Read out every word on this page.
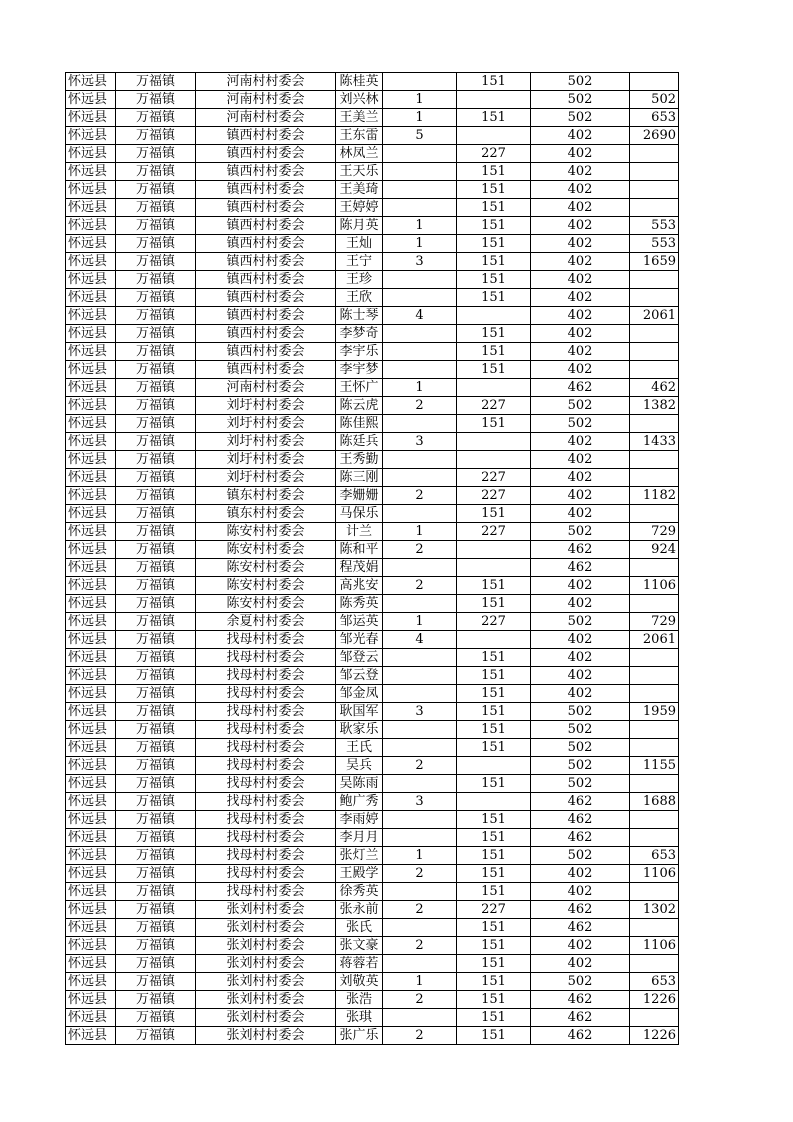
怀远县	万福镇	河南村村委会	陈桂英		151	502	
怀远县	万福镇	河南村村委会	刘兴林	1		502	502
怀远县	万福镇	河南村村委会	王美兰	1	151	502	653
怀远县	万福镇	镇西村村委会	王东雷	5		402	2690
怀远县	万福镇	镇西村村委会	林凤兰		227	402	
怀远县	万福镇	镇西村村委会	王天乐		151	402	
怀远县	万福镇	镇西村村委会	王美琦		151	402	
怀远县	万福镇	镇西村村委会	王婷婷		151	402	
怀远县	万福镇	镇西村村委会	陈月英	1	151	402	553
怀远县	万福镇	镇西村村委会	王灿	1	151	402	553
怀远县	万福镇	镇西村村委会	王宁	3	151	402	1659
怀远县	万福镇	镇西村村委会	王珍		151	402	
怀远县	万福镇	镇西村村委会	王欣		151	402	
怀远县	万福镇	镇西村村委会	陈士琴	4		402	2061
怀远县	万福镇	镇西村村委会	李梦奇		151	402	
怀远县	万福镇	镇西村村委会	李宇乐		151	402	
怀远县	万福镇	镇西村村委会	李宇梦		151	402	
怀远县	万福镇	河南村村委会	王怀广	1		462	462
怀远县	万福镇	刘圩村村委会	陈云虎	2	227	502	1382
怀远县	万福镇	刘圩村村委会	陈佳熙		151	502	
怀远县	万福镇	刘圩村村委会	陈廷兵	3		402	1433
怀远县	万福镇	刘圩村村委会	王秀勤			402	
怀远县	万福镇	刘圩村村委会	陈三刚		227	402	
怀远县	万福镇	镇东村村委会	李姗姗	2	227	402	1182
怀远县	万福镇	镇东村村委会	马保乐		151	402	
怀远县	万福镇	陈安村村委会	计兰	1	227	502	729
怀远县	万福镇	陈安村村委会	陈和平	2		462	924
怀远县	万福镇	陈安村村委会	程茂娟			462	
怀远县	万福镇	陈安村村委会	高兆安	2	151	402	1106
怀远县	万福镇	陈安村村委会	陈秀英		151	402	
怀远县	万福镇	余夏村村委会	邹运英	1	227	502	729
怀远县	万福镇	找母村村委会	邹光春	4		402	2061
怀远县	万福镇	找母村村委会	邹登云		151	402	
怀远县	万福镇	找母村村委会	邹云登		151	402	
怀远县	万福镇	找母村村委会	邹金凤		151	402	
怀远县	万福镇	找母村村委会	耿国军	3	151	502	1959
怀远县	万福镇	找母村村委会	耿家乐		151	502	
怀远县	万福镇	找母村村委会	王氏		151	502	
怀远县	万福镇	找母村村委会	吴兵	2		502	1155
怀远县	万福镇	找母村村委会	吴陈雨		151	502	
怀远县	万福镇	找母村村委会	鲍广秀	3		462	1688
怀远县	万福镇	找母村村委会	李雨婷		151	462	
怀远县	万福镇	找母村村委会	李月月		151	462	
怀远县	万福镇	找母村村委会	张灯兰	1	151	502	653
怀远县	万福镇	找母村村委会	王殿学	2	151	402	1106
怀远县	万福镇	找母村村委会	徐秀英		151	402	
怀远县	万福镇	张刘村村委会	张永前	2	227	462	1302
怀远县	万福镇	张刘村村委会	张氏		151	462	
怀远县	万福镇	张刘村村委会	张文豪	2	151	402	1106
怀远县	万福镇	张刘村村委会	蒋蓉若		151	402	
怀远县	万福镇	张刘村村委会	刘敬英	1	151	502	653
怀远县	万福镇	张刘村村委会	张浩	2	151	462	1226
怀远县	万福镇	张刘村村委会	张琪		151	462	
怀远县	万福镇	张刘村村委会	张广乐	2	151	462	1226
